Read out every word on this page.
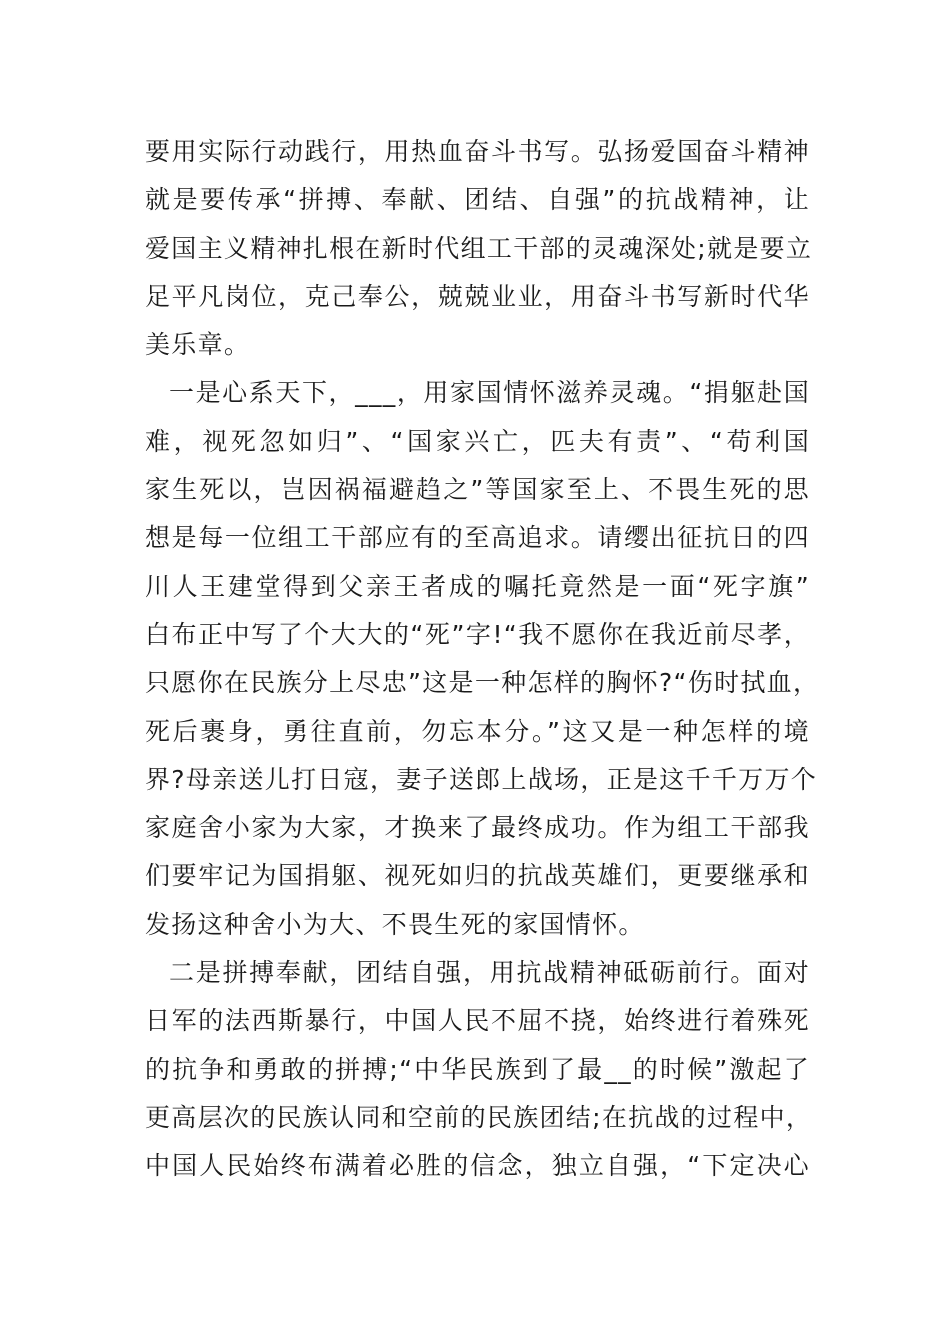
要用实际行动践行，用热血奋斗书写。弘扬爱国奋斗精神
就是要传承“拼搏、奉献、团结、自强”的抗战精神，让
爱国主义精神扎根在新时代组工干部的灵魂深处;就是要立
足平凡岗位，克己奉公，兢兢业业，用奋斗书写新时代华
美乐章。
一是心系天下，___，用家国情怀滋养灵魂。“捐躯赴国
难，视死忽如归”、“国家兴亡，匹夫有责”、“苟利国
家生死以，岂因祸福避趋之”等国家至上、不畏生死的思
想是每一位组工干部应有的至高追求。请缨出征抗日的四
川人王建堂得到父亲王者成的嘱托竟然是一面“死字旗”
白布正中写了个大大的“死”字!“我不愿你在我近前尽孝，
只愿你在民族分上尽忠”这是一种怎样的胸怀?“伤时拭血，
死后裹身，勇往直前，勿忘本分。”这又是一种怎样的境
界?母亲送儿打日寇，妻子送郎上战场，正是这千千万万个
家庭舍小家为大家，才换来了最终成功。作为组工干部我
们要牢记为国捐躯、视死如归的抗战英雄们，更要继承和
发扬这种舍小为大、不畏生死的家国情怀。
二是拼搏奉献，团结自强，用抗战精神砥砺前行。面对
日军的法西斯暴行，中国人民不屈不挠，始终进行着殊死
的抗争和勇敢的拼搏;“中华民族到了最__的时候”激起了
更高层次的民族认同和空前的民族团结;在抗战的过程中，
中国人民始终布满着必胜的信念，独立自强，“下定决心
